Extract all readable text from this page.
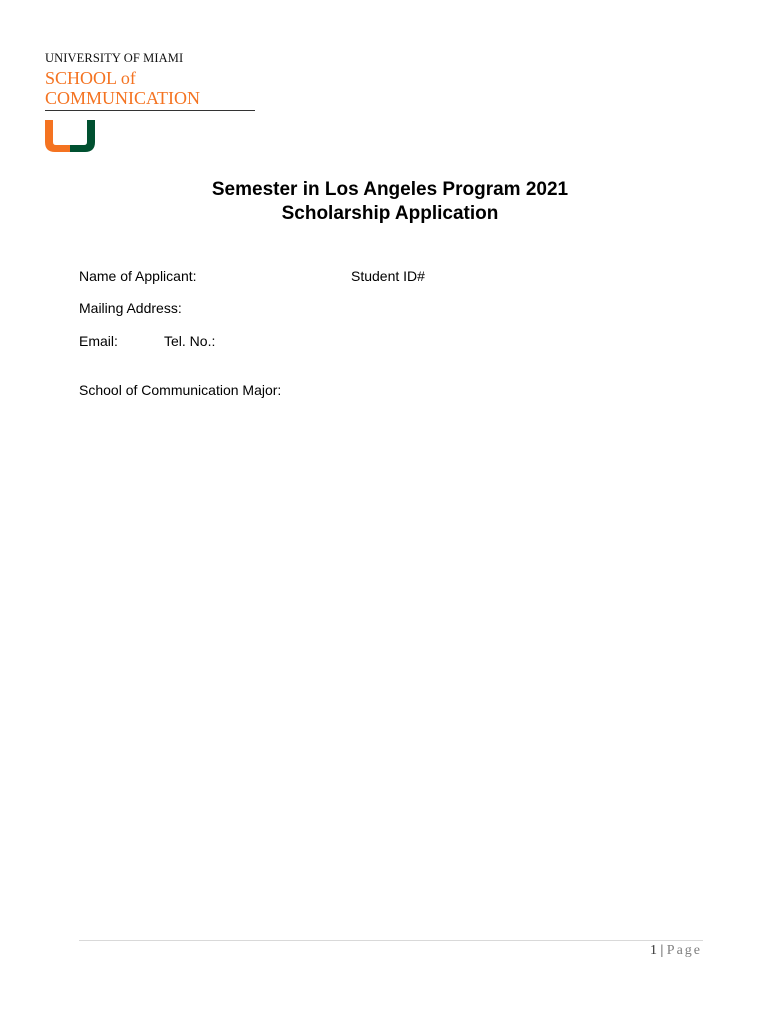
UNIVERSITY OF MIAMI
SCHOOL of
COMMUNICATION
Semester in Los Angeles Program 2021
Scholarship Application
Name of Applicant:	Student ID#
Mailing Address:
Email:	Tel. No.:
School of Communication Major:
1 | Page
